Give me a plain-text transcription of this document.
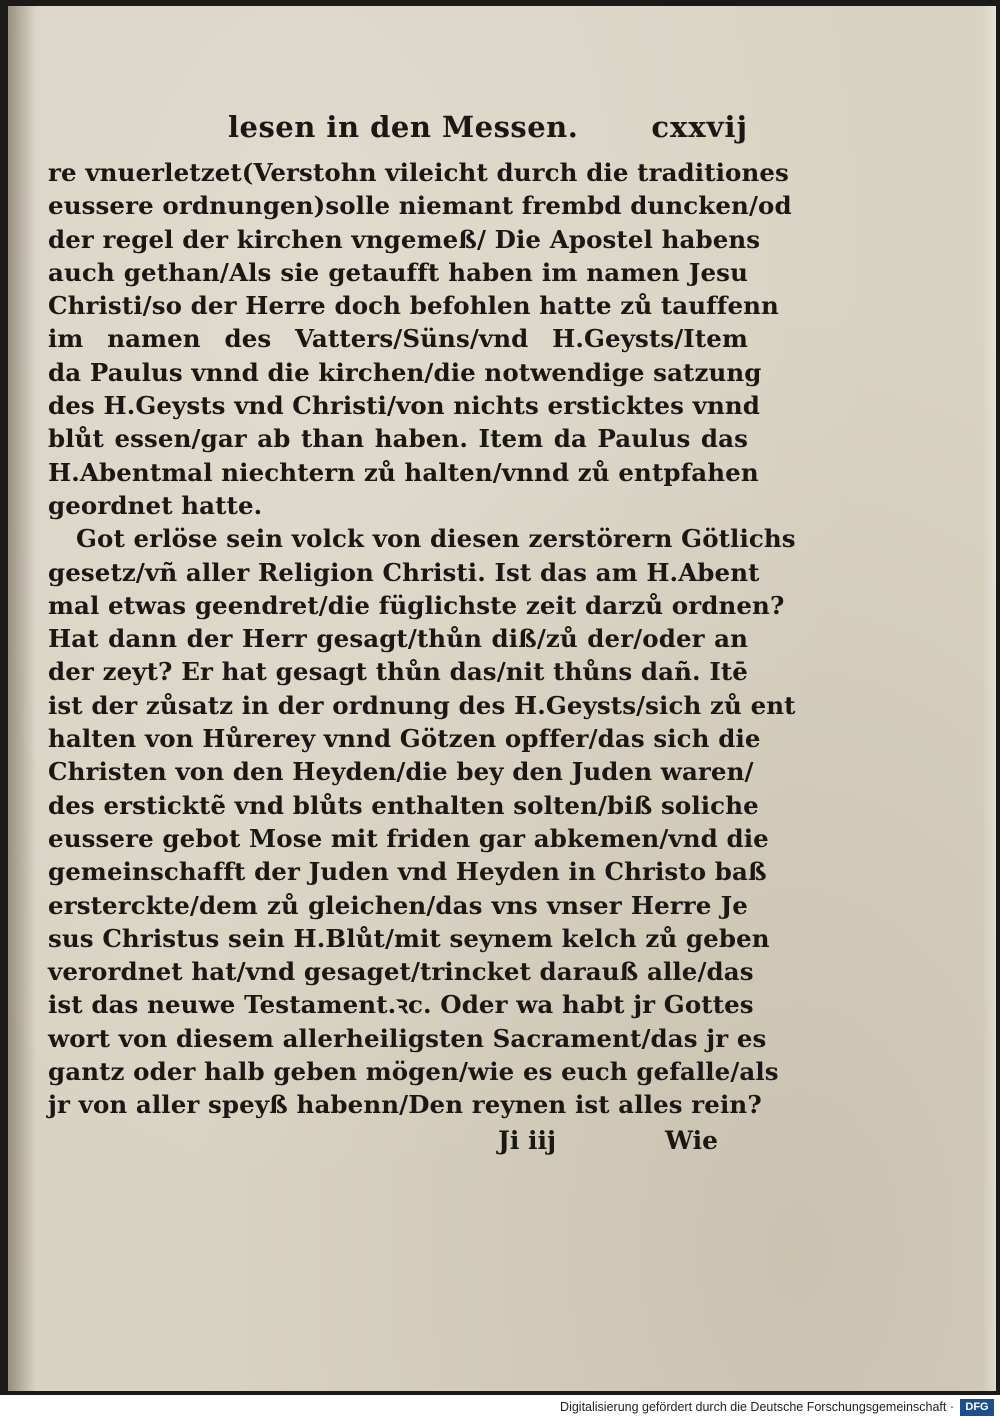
lesen in den Messen.	cxxvij
re vnuerletzet(Verstohn vileicht durch die traditiones
eussere ordnungen)solle niemant frembd duncken/od
der regel der kirchen vngemeß/ Die Apostel habens
auch gethan/Als sie getaufft haben im namen Jesu
Christi/so der Herre doch befohlen hatte zů tauffenn
im namen des Vatters/Süns/vnd H.Geysts/Item
da Paulus vnnd die kirchen/die notwendige satzung
des H.Geysts vnd Christi/von nichts ersticktes vnnd
blůt essen/gar ab than haben. Item da Paulus das
H.Abentmal niechtern zů halten/vnnd zů entpfahen
geordnet hatte.
Got erlöse sein volck von diesen zerstörern Götlichs
gesetz/vñ aller Religion Christi. Ist das am H.Abent
mal etwas geendret/die füglichste zeit darzů ordnen?
Hat dann der Herr gesagt/thůn diß/zů der/oder an
der zeyt? Er hat gesagt thůn das/nit thůns dañ. Itē
ist der zůsatz in der ordnung des H.Geysts/sich zů ent
halten von Hůrerey vnnd Götzen opffer/das sich die
Christen von den Heyden/die bey den Juden waren/
des ersticktẽ vnd blůts enthalten solten/biß soliche
eussere gebot Mose mit friden gar abkemen/vnd die
gemeinschafft der Juden vnd Heyden in Christo baß
ersterckte/dem zů gleichen/das vns vnser Herre Je
sus Christus sein H.Blůt/mit seynem kelch zů geben
verordnet hat/vnd gesaget/trincket darauß alle/das
ist das neuwe Testament.ꝛc. Oder wa habt jr Gottes
wort von diesem allerheiligsten Sacrament/das jr es
gantz oder halb geben mögen/wie es euch gefalle/als
jr von aller speyß habenn/Den reynen ist alles rein?
Ji iij	Wie
Digitalisierung gefördert durch die Deutsche Forschungsgemeinschaft ·	DFG
